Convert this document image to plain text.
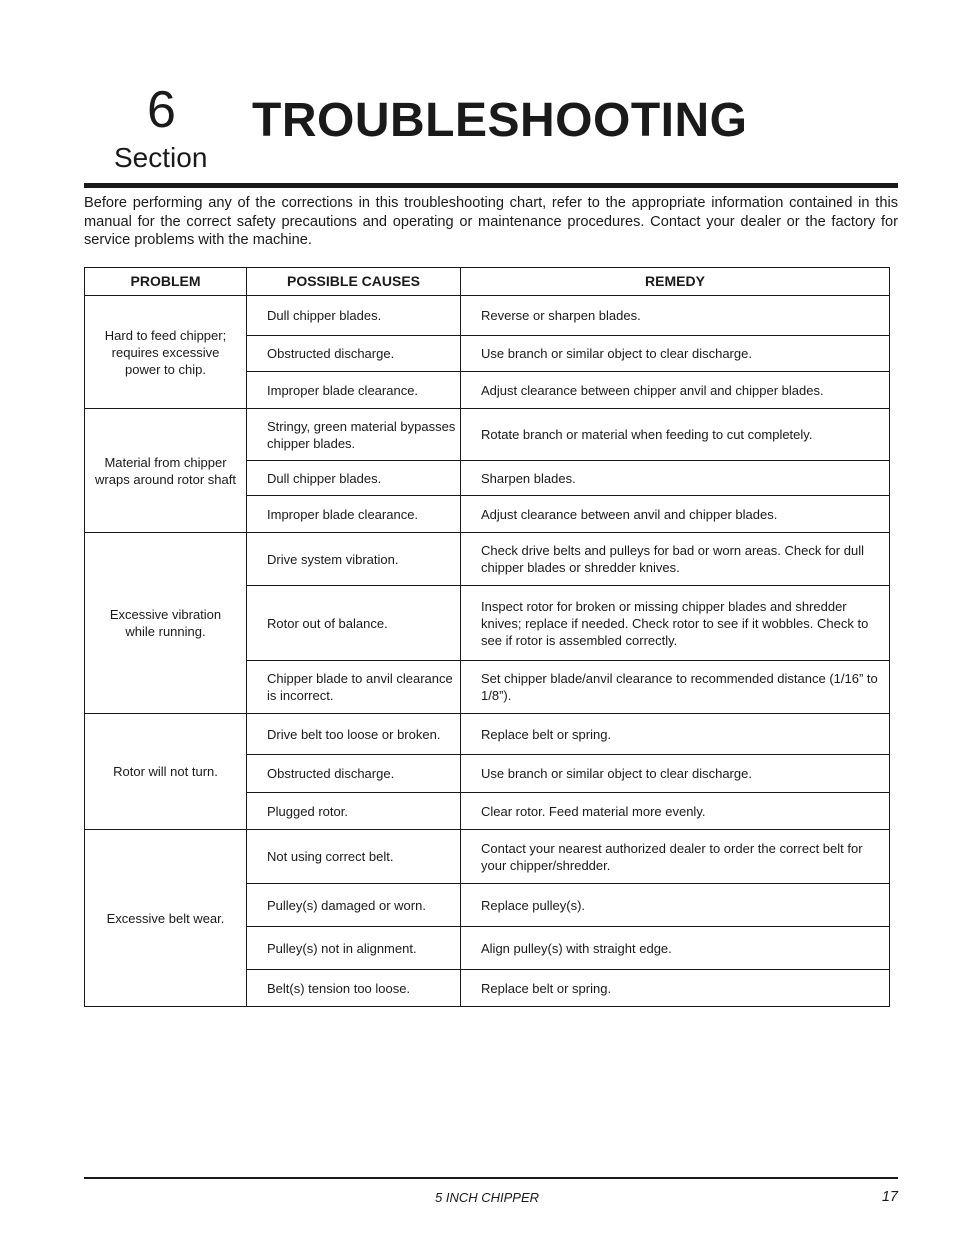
6
Section
TROUBLESHOOTING

Before performing any of the corrections in this troubleshooting chart, refer to the appropriate information contained in this manual for the correct safety precautions and operating or maintenance procedures. Contact your dealer or the factory for service problems with the machine.

PROBLEM	POSSIBLE CAUSES	REMEDY
Hard to feed chipper; requires excessive power to chip.	Dull chipper blades.	Reverse or sharpen blades.
	Obstructed discharge.	Use branch or similar object to clear discharge.
	Improper blade clearance.	Adjust clearance between chipper anvil and chipper blades.
Material from chipper wraps around rotor shaft	Stringy, green material bypasses chipper blades.	Rotate branch or material when feeding to cut completely.
	Dull chipper blades.	Sharpen blades.
	Improper blade clearance.	Adjust clearance between anvil and chipper blades.
Excessive vibration while running.	Drive system vibration.	Check drive belts and pulleys for bad or worn areas. Check for dull chipper blades or shredder knives.
	Rotor out of balance.	Inspect rotor for broken or missing chipper blades and shredder knives; replace if needed. Check rotor to see if it wobbles. Check to see if rotor is assembled correctly.
	Chipper blade to anvil clearance is incorrect.	Set chipper blade/anvil clearance to recommended distance (1/16” to 1/8”).
Rotor will not turn.	Drive belt too loose or broken.	Replace belt or spring.
	Obstructed discharge.	Use branch or similar object to clear discharge.
	Plugged rotor.	Clear rotor. Feed material more evenly.
Excessive belt wear.	Not using correct belt.	Contact your nearest authorized dealer to order the correct belt for your chipper/shredder.
	Pulley(s) damaged or worn.	Replace pulley(s).
	Pulley(s) not in alignment.	Align pulley(s) with straight edge.
	Belt(s) tension too loose.	Replace belt or spring.
5 INCH CHIPPER	17
